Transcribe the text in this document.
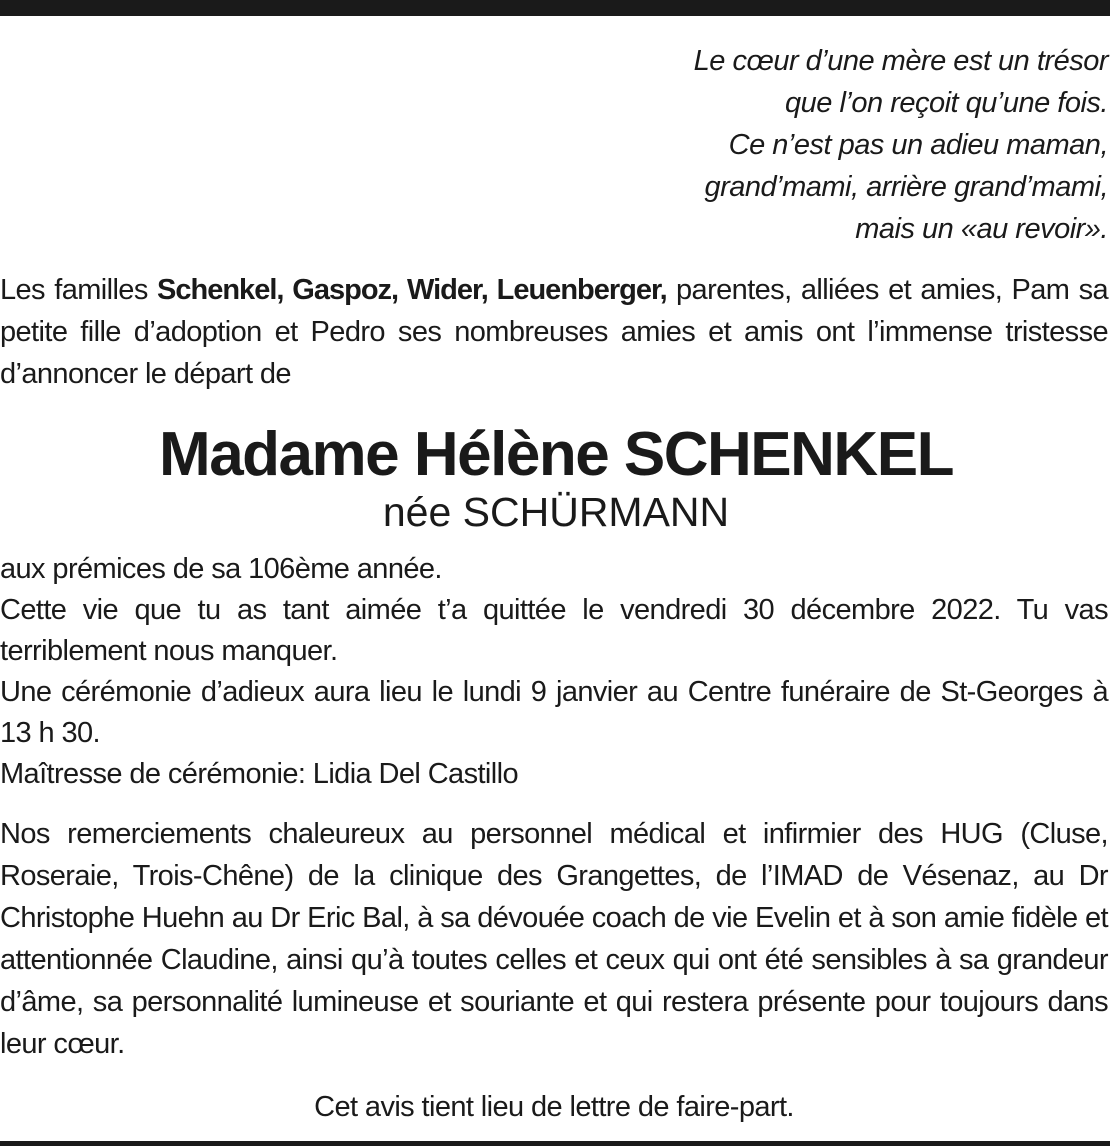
Le cœur d’une mère est un trésor
que l’on reçoit qu’une fois.
Ce n’est pas un adieu maman,
grand’mami, arrière grand’mami,
mais un «au revoir».

Les familles Schenkel, Gaspoz, Wider, Leuenberger, parentes, alliées et amies, Pam sa petite fille d’adoption et Pedro ses nombreuses amies et amis ont l’immense tristesse d’annoncer le départ de

Madame Hélène SCHENKEL

née SCHÜRMANN

aux prémices de sa 106ème année.

Cette vie que tu as tant aimée t’a quittée le vendredi 30 décembre 2022. Tu vas terriblement nous manquer.

Une cérémonie d’adieux aura lieu le lundi 9 janvier au Centre funéraire de St-Georges à 13 h 30.

Maîtresse de cérémonie: Lidia Del Castillo

Nos remerciements chaleureux au personnel médical et infirmier des HUG (Cluse, Roseraie, Trois-Chêne) de la clinique des Grangettes, de l’IMAD de Vésenaz, au Dr Christophe Huehn au Dr Eric Bal, à sa dévouée coach de vie Evelin et à son amie fidèle et attentionnée Claudine, ainsi qu’à toutes celles et ceux qui ont été sensibles à sa grandeur d’âme, sa personnalité lumineuse et souriante et qui restera présente pour toujours dans leur cœur.

Cet avis tient lieu de lettre de faire-part.
